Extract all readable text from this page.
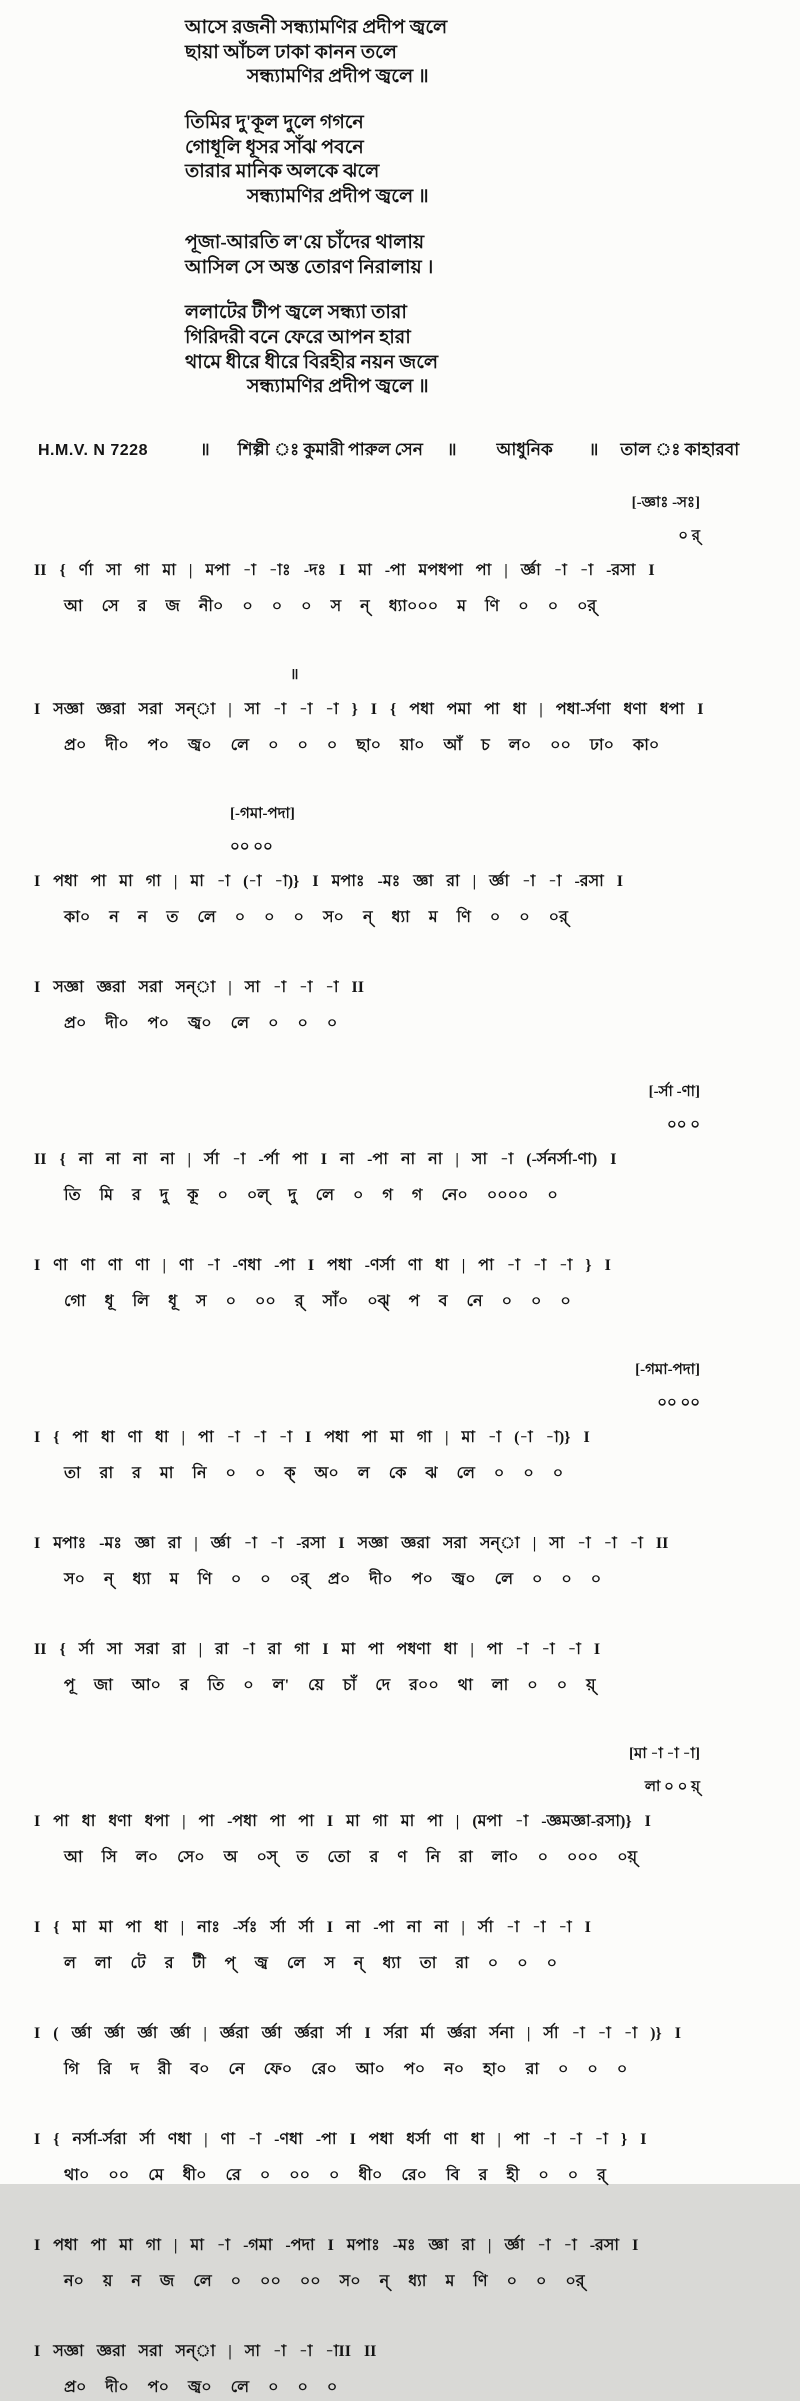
আসে রজনী সন্ধ্যামণির প্রদীপ জ্বলে
ছায়া আঁচল ঢাকা কানন তলে
সন্ধ্যামণির প্রদীপ জ্বলে ॥
তিমির দু'কূল দুলে গগনে
গোধূলি ধূসর সাঁঝ পবনে
তারার মানিক অলকে ঝলে
সন্ধ্যামণির প্রদীপ জ্বলে ॥
পূজা-আরতি ল'য়ে চাঁদের থালায়
আসিল সে অস্ত তোরণ নিরালায় ।
ললাটের টীপ জ্বলে সন্ধ্যা তারা
গিরিদরী বনে ফেরে আপন হারা
থামে ধীরে ধীরে বিরহীর নয়ন জলে
সন্ধ্যামণির প্রদীপ জ্বলে ॥
H.M.V. N 7228	॥ শিল্পী ঃ কুমারী পারুল সেন ॥ আধুনিক ॥ তাল ঃ কাহারবা
[-জ্ঞাঃ -সঃ]
০ র্
II { র্ণা সা গা মা | মপা -া -াঃ -দঃ I মা -পা মপধপা পা | র্জ্ঞা -া -া -রসা I
আ সে র জ নী০ ০ ০ ০ স ন্ ধ্যা০০০ ম ণি ০ ০ ০র্
॥
I সজ্ঞা জ্ঞরা সরা সন্া | সা -া -া -া } I { পধা পমা পা ধা | পধা-র্সণা ধণা ধপা I
প্র০ দী০ প০ জ্ব০ লে ০ ০ ০ ছা০ য়া০ আঁ চ ল০ ০০ ঢা০ কা০
[-গমা-পদা]
০০ ০০
I পধা পা মা গা | মা -া (-া -া)} I মপাঃ -মঃ জ্ঞা রা | র্জ্ঞা -া -া -রসা I
কা০ ন ন ত লে ০ ০ ০ স০ ন্ ধ্যা ম ণি ০ ০ ০র্
I সজ্ঞা জ্ঞরা সরা সন্া | সা -া -া -া II
প্র০ দী০ প০ জ্ব০ লে ০ ০ ০
[-র্সা -ণা]
০০ ০
II { না না না না | র্সা -া -র্পা পা I না -পা না না | সা -া (-র্সনর্সা-ণা) I
তি মি র দু কূ ০ ০ল্ দু লে ০ গ গ নে০ ০০০০ ০
I ণা ণা ণা ণা | ণা -া -ণধা -পা I পধা -ণর্সা ণা ধা | পা -া -া -া } I
গো ধূ লি ধূ স ০ ০০ র্ সাঁ০ ০ঝ্ প ব নে ০ ০ ০
[-গমা-পদা]
০০ ০০
I { পা ধা ণা ধা | পা -া -া -া I পধা পা মা গা | মা -া (-া -া)} I
তা রা র মা নি ০ ০ ক্ অ০ ল কে ঝ লে ০ ০ ০
I মপাঃ -মঃ জ্ঞা রা | র্জ্ঞা -া -া -রসা I সজ্ঞা জ্ঞরা সরা সন্া | সা -া -া -া II
স০ ন্ ধ্যা ম ণি ০ ০ ০র্ প্র০ দী০ প০ জ্ব০ লে ০ ০ ০
II { র্সা সা সরা রা | রা -া রা গা I মা পা পধণা ধা | পা -া -া -া I
পূ জা আ০ র তি ০ ল' য়ে চাঁ দে র০০ থা লা ০ ০ য়্
[মা -া -া -া]
লা ০ ০ য়্
I পা ধা ধণা ধপা | পা -পধা পা পা I মা গা মা পা | (মপা -া -জ্ঞমজ্ঞা-রসা)} I
আ সি ল০ সে০ অ ০স্ ত তো র ণ নি রা লা০ ০ ০০০ ০য়্
I { মা মা পা ধা | নাঃ -র্সঃ র্সা র্সা I না -পা না না | র্সা -া -া -া I
ল লা টে র টী প্ জ্ব লে স ন্ ধ্যা তা রা ০ ০ ০
I ( র্জ্ঞা র্জ্ঞা র্জ্ঞা র্জ্ঞা | র্জ্ঞরা র্জ্ঞা র্জ্ঞরা র্সা I র্সরা র্মা র্জ্ঞরা র্সনা | র্সা -া -া -া )} I
গি রি দ রী ব০ নে ফে০ রে০ আ০ প০ ন০ হা০ রা ০ ০ ০
I { নর্সা-র্সরা র্সা ণধা | ণা -া -ণধা -পা I পধা ধর্সা ণা ধা | পা -া -া -া } I
থা০ ০০ মে ধী০ রে ০ ০০ ০ ধী০ রে০ বি র হী ০ ০ র্
I পধা পা মা গা | মা -া -গমা -পদা I মপাঃ -মঃ জ্ঞা রা | র্জ্ঞা -া -া -রসা I
ন০ য় ন জ লে ০ ০০ ০০ স০ ন্ ধ্যা ম ণি ০ ০ ০র্
I সজ্ঞা জ্ঞরা সরা সন্া | সা -া -া -াII II
প্র০ দী০ প০ জ্ব০ লে ০ ০ ০
